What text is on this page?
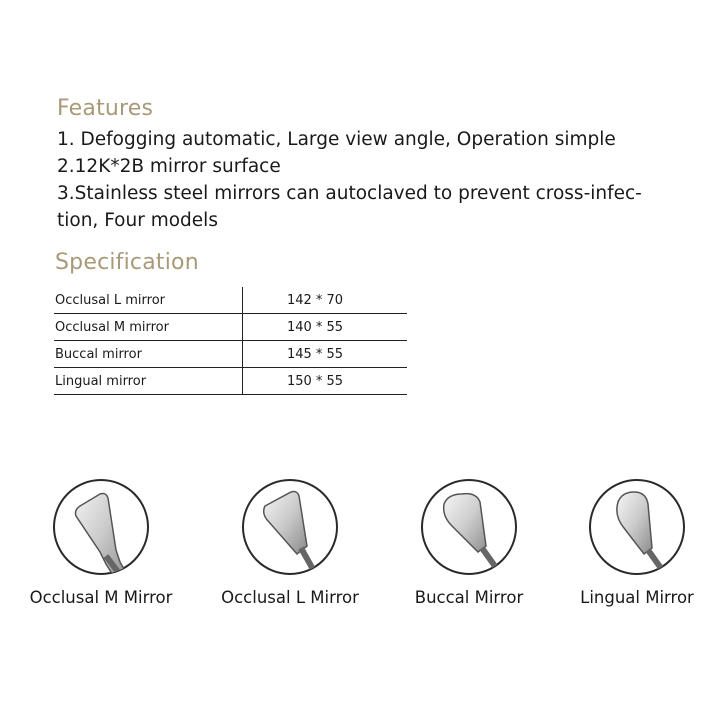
Features
1. Defogging automatic, Large view angle, Operation simple
2.12K*2B mirror surface
3.Stainless steel mirrors can autoclaved to prevent cross-infec-
tion, Four models
Specification
Occlusal L mirror	142 * 70
Occlusal M mirror	140 * 55
Buccal mirror	145 * 55
Lingual mirror	150 * 55
Occlusal M Mirror	Occlusal L Mirror	Buccal Mirror	Lingual Mirror
